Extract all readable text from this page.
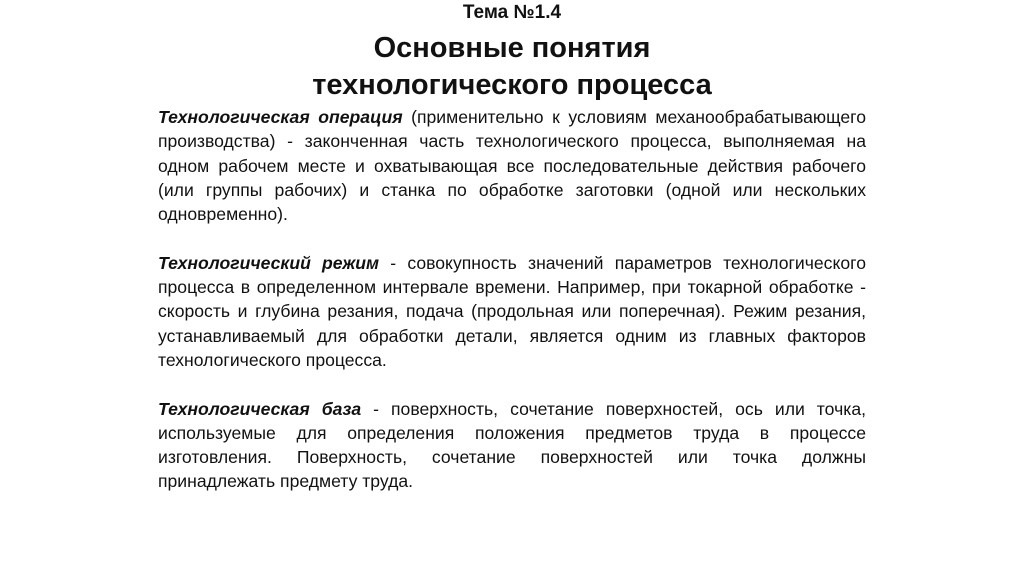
Тема №1.4
Основные понятия
технологического процесса

Технологическая операция (применительно к условиям механообрабатывающего производства) - законченная часть технологического процесса, выполняемая на одном рабочем месте и охватывающая все последовательные действия рабочего (или группы рабочих) и станка по обработке заготовки (одной или нескольких одновременно).

Технологический режим - совокупность значений параметров технологического процесса в определенном интервале времени. Например, при токарной обработке - скорость и глубина резания, подача (продольная или поперечная). Режим резания, устанавливаемый для обработки детали, является одним из главных факторов технологического процесса.

Технологическая база - поверхность, сочетание поверхностей, ось или точка, используемые для определения положения предметов труда в процессе изготовления. Поверхность, сочетание поверхностей или точка должны принадлежать предмету труда.
